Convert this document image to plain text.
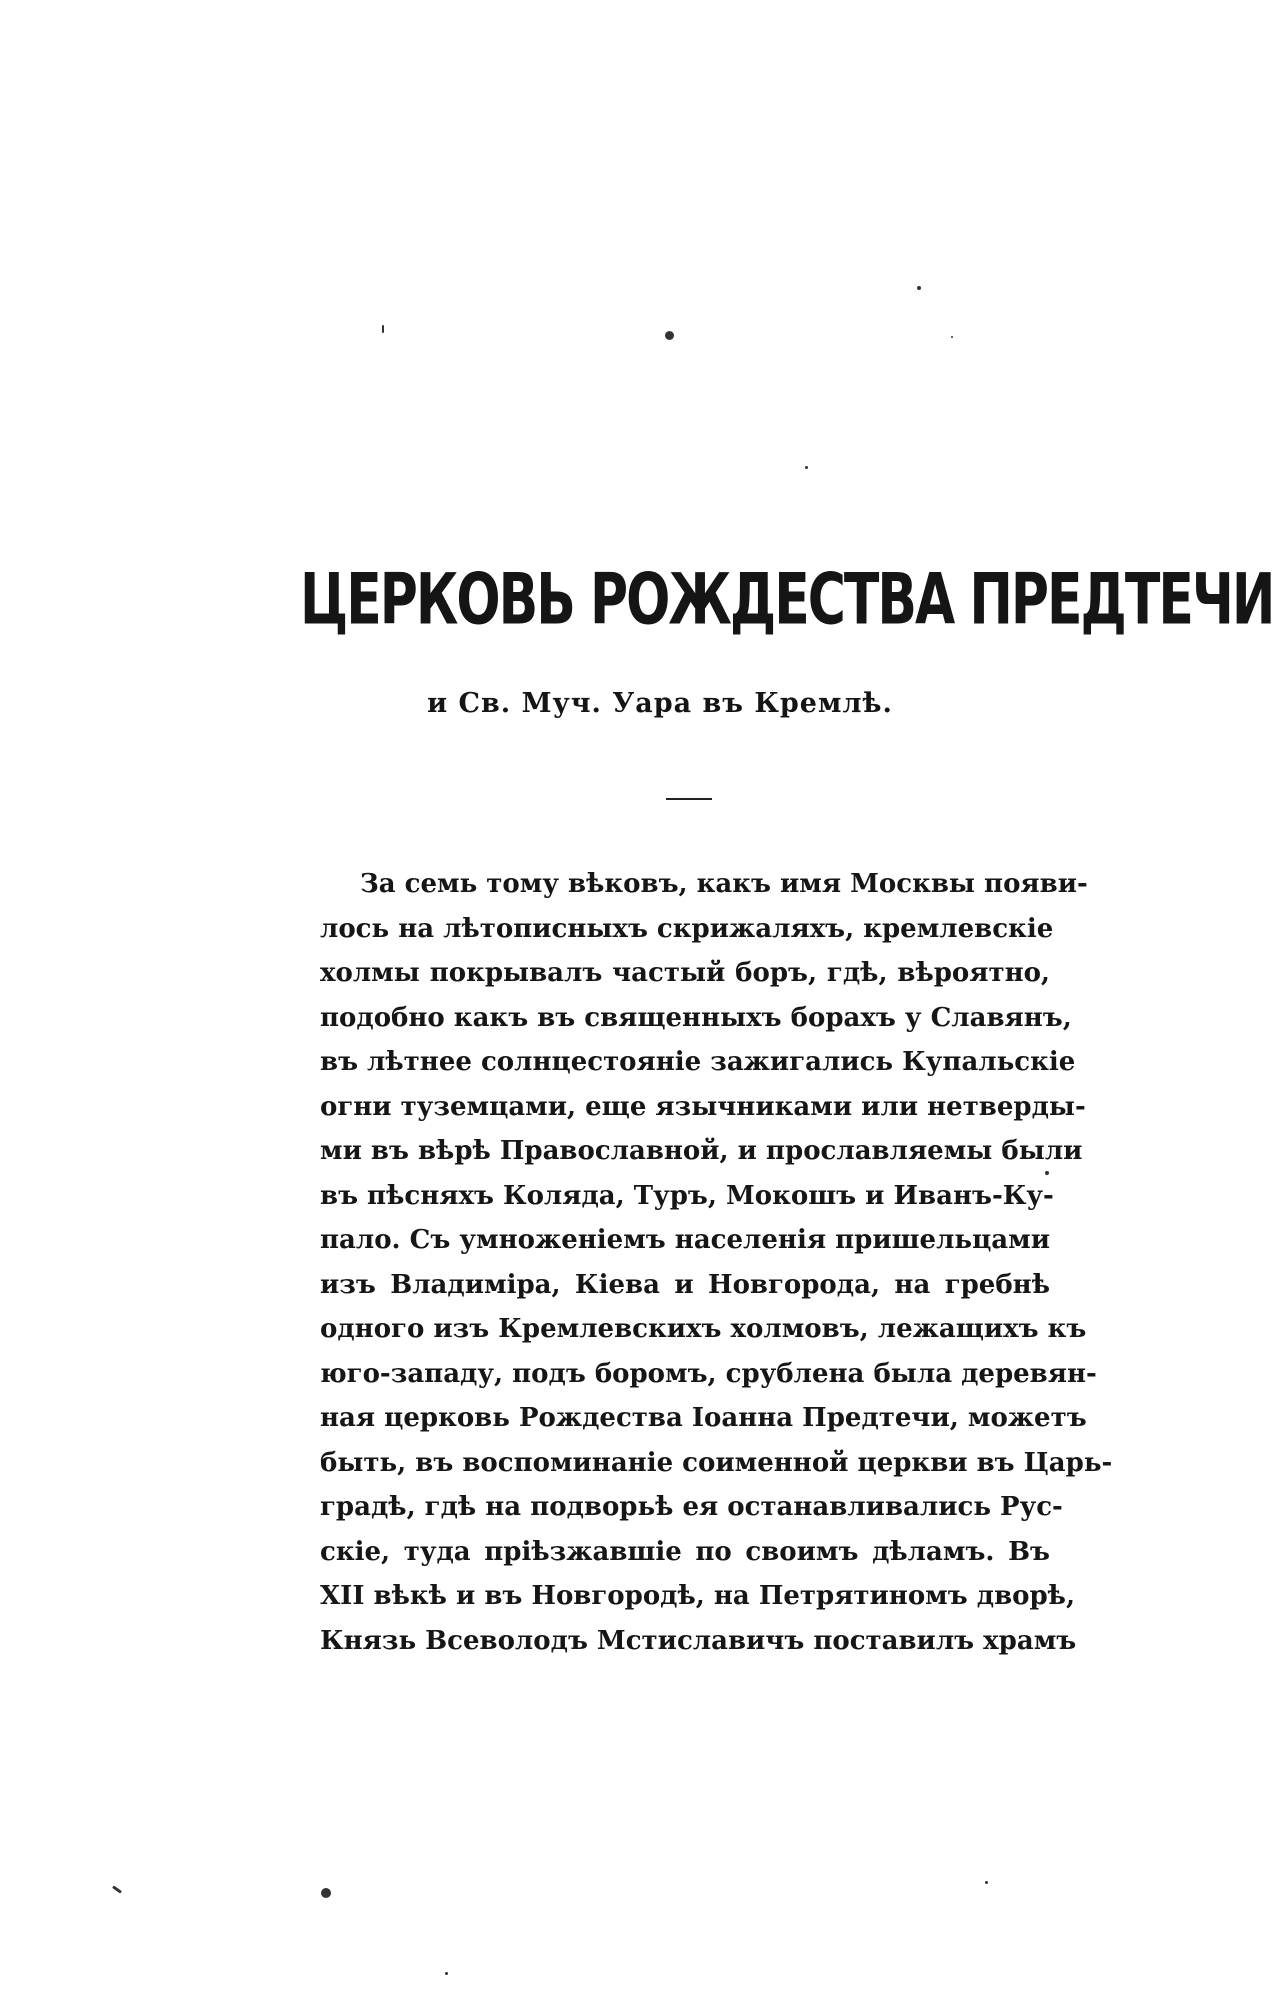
ЦЕРКОВЬ РОЖДЕСТВА ПРЕДТЕЧИ
и Св. Муч. Уара въ Кремлѣ.
За семь тому вѣковъ, какъ имя Москвы появи-
лось на лѣтописныхъ скрижаляхъ, кремлевскіе
холмы покрывалъ частый боръ, гдѣ, вѣроятно,
подобно какъ въ священныхъ борахъ у Славянъ,
въ лѣтнее солнцестояніе зажигались Купальскіе
огни туземцами, еще язычниками или нетверды-
ми въ вѣрѣ Православной, и прославляемы были
въ пѣсняхъ Коляда, Туръ, Мокошъ и Иванъ-Ку-
пало. Съ умноженіемъ населенія пришельцами
изъ Владиміра, Кіева и Новгорода, на гребнѣ
одного изъ Кремлевскихъ холмовъ, лежащихъ къ
юго-западу, подъ боромъ, срублена была деревян-
ная церковь Рождества Іоанна Предтечи, можетъ
быть, въ воспоминаніе соименной церкви въ Царь-
градѣ, гдѣ на подворьѣ ея останавливались Рус-
скіе, туда пріѣзжавшіе по своимъ дѣламъ. Въ
XII вѣкѣ и въ Новгородѣ, на Петрятиномъ дворѣ,
Князь Всеволодъ Мстиславичъ поставилъ храмъ
